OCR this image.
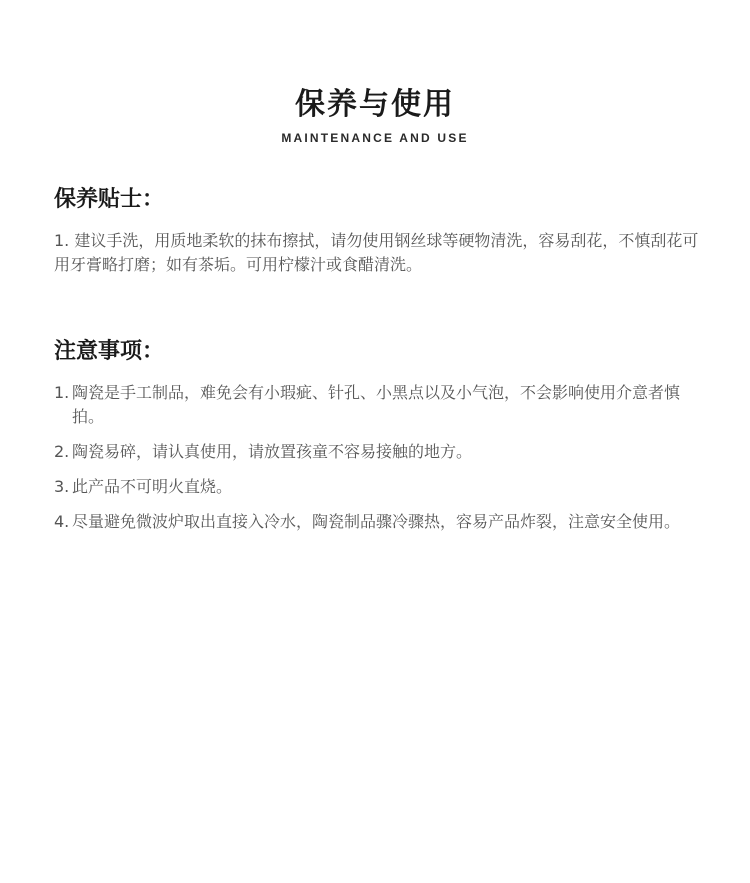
保养与使用
MAINTENANCE AND USE
保养贴士：
1. 建议手洗，用质地柔软的抹布擦拭，请勿使用钢丝球等硬物清洗，容易刮花，不慎刮花可用牙膏略打磨；如有茶垢。可用柠檬汁或食醋清洗。
注意事项：
1. 陶瓷是手工制品，难免会有小瑕疵、针孔、小黑点以及小气泡，不会影响使用介意者慎拍。
2. 陶瓷易碎，请认真使用，请放置孩童不容易接触的地方。
3. 此产品不可明火直烧。
4. 尽量避免微波炉取出直接入冷水，陶瓷制品骤冷骤热，容易产品炸裂，注意安全使用。
